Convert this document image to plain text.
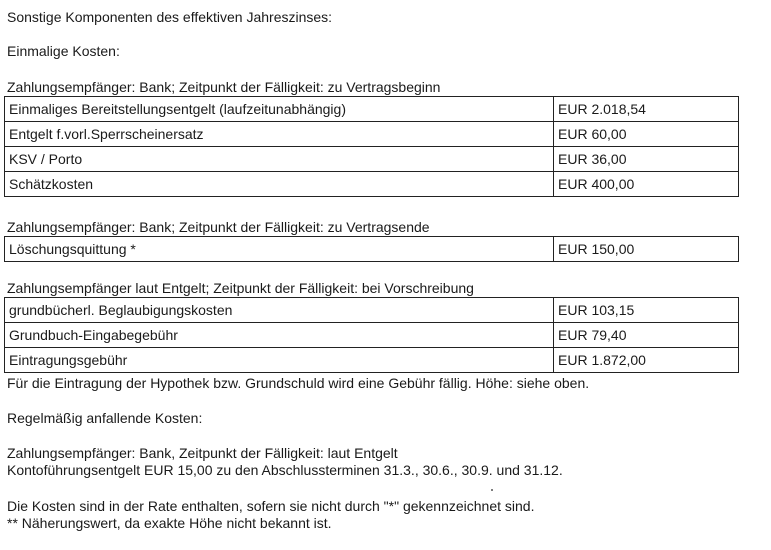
Sonstige Komponenten des effektiven Jahreszinses:
Einmalige Kosten:
Zahlungsempfänger: Bank; Zeitpunkt der Fälligkeit: zu Vertragsbeginn
Einmaliges Bereitstellungsentgelt (laufzeitunabhängig)	EUR 2.018,54
Entgelt f.vorl.Sperrscheinersatz	EUR 60,00
KSV / Porto	EUR 36,00
Schätzkosten	EUR 400,00
Zahlungsempfänger: Bank; Zeitpunkt der Fälligkeit: zu Vertragsende
Löschungsquittung *	EUR 150,00
Zahlungsempfänger laut Entgelt; Zeitpunkt der Fälligkeit: bei Vorschreibung
grundbücherl. Beglaubigungskosten	EUR 103,15
Grundbuch-Eingabegebühr	EUR 79,40
Eintragungsgebühr	EUR 1.872,00
Für die Eintragung der Hypothek bzw. Grundschuld wird eine Gebühr fällig. Höhe: siehe oben.
Regelmäßig anfallende Kosten:
Zahlungsempfänger: Bank, Zeitpunkt der Fälligkeit: laut Entgelt
Kontoführungsentgelt EUR 15,00 zu den Abschlussterminen 31.3., 30.6., 30.9. und 31.12.
Die Kosten sind in der Rate enthalten, sofern sie nicht durch "*" gekennzeichnet sind.
** Näherungswert, da exakte Höhe nicht bekannt ist.
